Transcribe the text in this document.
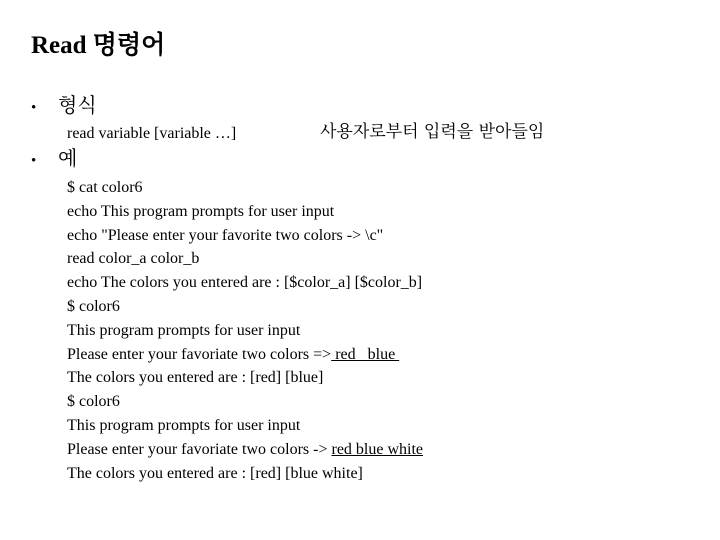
Read 명령어
• 형식
read variable [variable …]	사용자로부터 입력을 받아들임
• 예
$ cat color6
echo This program prompts for user input
echo "Please enter your favorite two colors -> \c"
read color_a color_b
echo The colors you entered are : [$color_a] [$color_b]
$ color6
This program prompts for user input
Please enter your favoriate two colors => red   blue
The colors you entered are : [red] [blue]
$ color6
This program prompts for user input
Please enter your favoriate two colors -> red blue white
The colors you entered are : [red] [blue white]
